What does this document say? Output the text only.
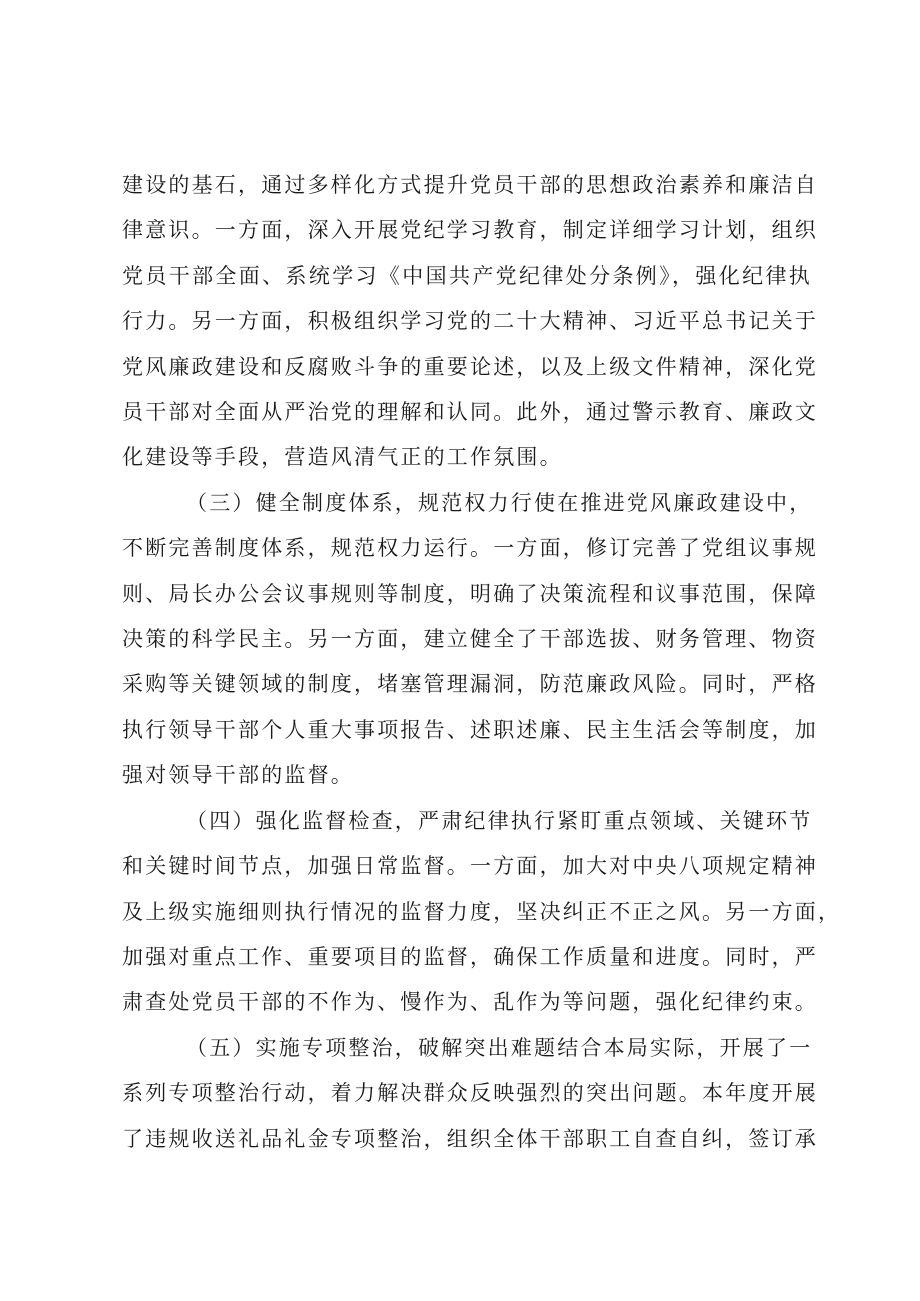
建设的基石，通过多样化方式提升党员干部的思想政治素养和廉洁自
律意识。一方面，深入开展党纪学习教育，制定详细学习计划，组织
党员干部全面、系统学习《中国共产党纪律处分条例》，强化纪律执
行力。另一方面，积极组织学习党的二十大精神、习近平总书记关于
党风廉政建设和反腐败斗争的重要论述，以及上级文件精神，深化党
员干部对全面从严治党的理解和认同。此外，通过警示教育、廉政文
化建设等手段，营造风清气正的工作氛围。

（三）健全制度体系，规范权力行使在推进党风廉政建设中，
不断完善制度体系，规范权力运行。一方面，修订完善了党组议事规
则、局长办公会议事规则等制度，明确了决策流程和议事范围，保障
决策的科学民主。另一方面，建立健全了干部选拔、财务管理、物资
采购等关键领域的制度，堵塞管理漏洞，防范廉政风险。同时，严格
执行领导干部个人重大事项报告、述职述廉、民主生活会等制度，加
强对领导干部的监督。

（四）强化监督检查，严肃纪律执行紧盯重点领域、关键环节
和关键时间节点，加强日常监督。一方面，加大对中央八项规定精神
及上级实施细则执行情况的监督力度，坚决纠正不正之风。另一方面，
加强对重点工作、重要项目的监督，确保工作质量和进度。同时，严
肃查处党员干部的不作为、慢作为、乱作为等问题，强化纪律约束。

（五）实施专项整治，破解突出难题结合本局实际，开展了一
系列专项整治行动，着力解决群众反映强烈的突出问题。本年度开展
了违规收送礼品礼金专项整治，组织全体干部职工自查自纠，签订承
